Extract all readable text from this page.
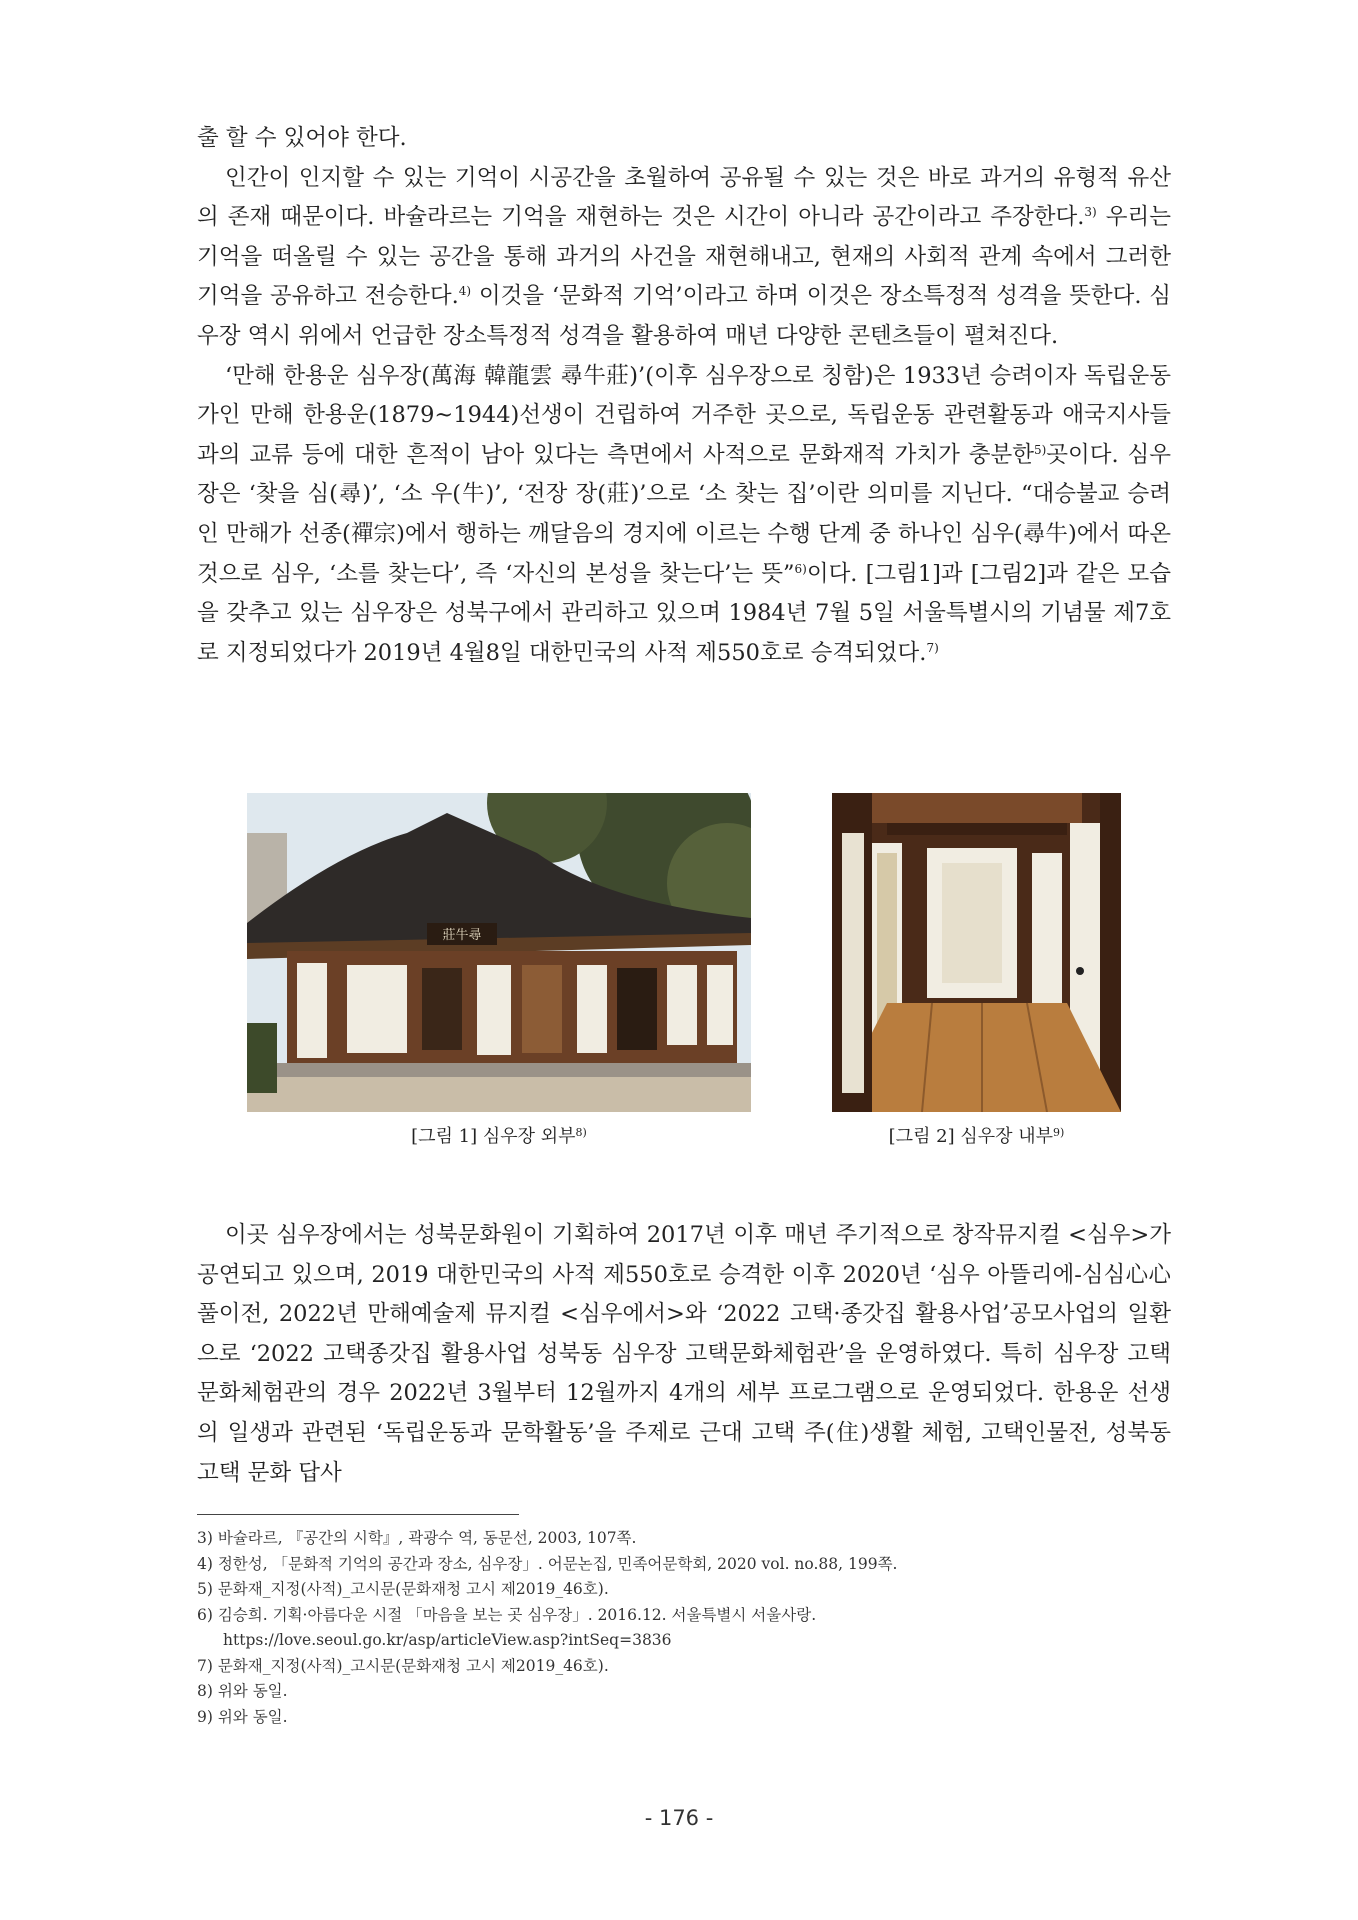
출 할 수 있어야 한다.

인간이 인지할 수 있는 기억이 시공간을 초월하여 공유될 수 있는 것은 바로 과거의 유형적 유산의 존재 때문이다. 바슐라르는 기억을 재현하는 것은 시간이 아니라 공간이라고 주장한다.$^{3)}$ 우리는 기억을 떠올릴 수 있는 공간을 통해 과거의 사건을 재현해내고, 현재의 사회적 관계 속에서 그러한 기억을 공유하고 전승한다.$^{4)}$ 이것을 ‘문화적 기억’이라고 하며 이것은 장소특정적 성격을 뜻한다. 심우장 역시 위에서 언급한 장소특정적 성격을 활용하여 매년 다양한 콘텐츠들이 펼쳐진다.

‘만해 한용운 심우장(萬海 韓龍雲 尋牛莊)’(이후 심우장으로 칭함)은 1933년 승려이자 독립운동가인 만해 한용운(1879~1944)선생이 건립하여 거주한 곳으로, 독립운동 관련활동과 애국지사들과의 교류 등에 대한 흔적이 남아 있다는 측면에서 사적으로 문화재적 가치가 충분한$^{5)}$곳이다. 심우장은 ‘찾을 심(尋)’, ‘소 우(牛)’, ‘전장 장(莊)’으로 ‘소 찾는 집’이란 의미를 지닌다. “대승불교 승려인 만해가 선종(禪宗)에서 행하는 깨달음의 경지에 이르는 수행 단계 중 하나인 심우(尋牛)에서 따온 것으로 심우, ‘소를 찾는다’, 즉 ‘자신의 본성을 찾는다’는 뜻”$^{6)}$이다. [그림1]과 [그림2]과 같은 모습을 갖추고 있는 심우장은 성북구에서 관리하고 있으며 1984년 7월 5일 서울특별시의 기념물 제7호로 지정되었다가 2019년 4월8일 대한민국의 사적 제550호로 승격되었다.$^{7)}$

莊牛尋
[그림 1] 심우장 외부$^{8)}$	[그림 2] 심우장 내부$^{9)}$

이곳 심우장에서는 성북문화원이 기획하여 2017년 이후 매년 주기적으로 창작뮤지컬 <심우>가 공연되고 있으며, 2019 대한민국의 사적 제550호로 승격한 이후 2020년 ‘심우 아뜰리에-심심心心풀이전, 2022년 만해예술제 뮤지컬 <심우에서>와 ‘2022 고택·종갓집 활용사업’공모사업의 일환으로 ‘2022 고택종갓집 활용사업 성북동 심우장 고택문화체험관’을 운영하였다. 특히 심우장 고택문화체험관의 경우 2022년 3월부터 12월까지 4개의 세부 프로그램으로 운영되었다. 한용운 선생의 일생과 관련된 ‘독립운동과 문학활동’을 주제로 근대 고택 주(住)생활 체험, 고택인물전, 성북동 고택 문화 답사

3) 바슐라르, 『공간의 시학』, 곽광수 역, 동문선, 2003, 107쪽.
4) 정한성, 「문화적 기억의 공간과 장소, 심우장」. 어문논집, 민족어문학회, 2020 vol. no.88, 199쪽.
5) 문화재_지정(사적)_고시문(문화재청 고시 제2019_46호).
6) 김승희. 기획·아름다운 시절 「마음을 보는 곳 심우장」. 2016.12. 서울특별시 서울사랑.
https://love.seoul.go.kr/asp/articleView.asp?intSeq=3836
7) 문화재_지정(사적)_고시문(문화재청 고시 제2019_46호).
8) 위와 동일.
9) 위와 동일.
- 176 -
